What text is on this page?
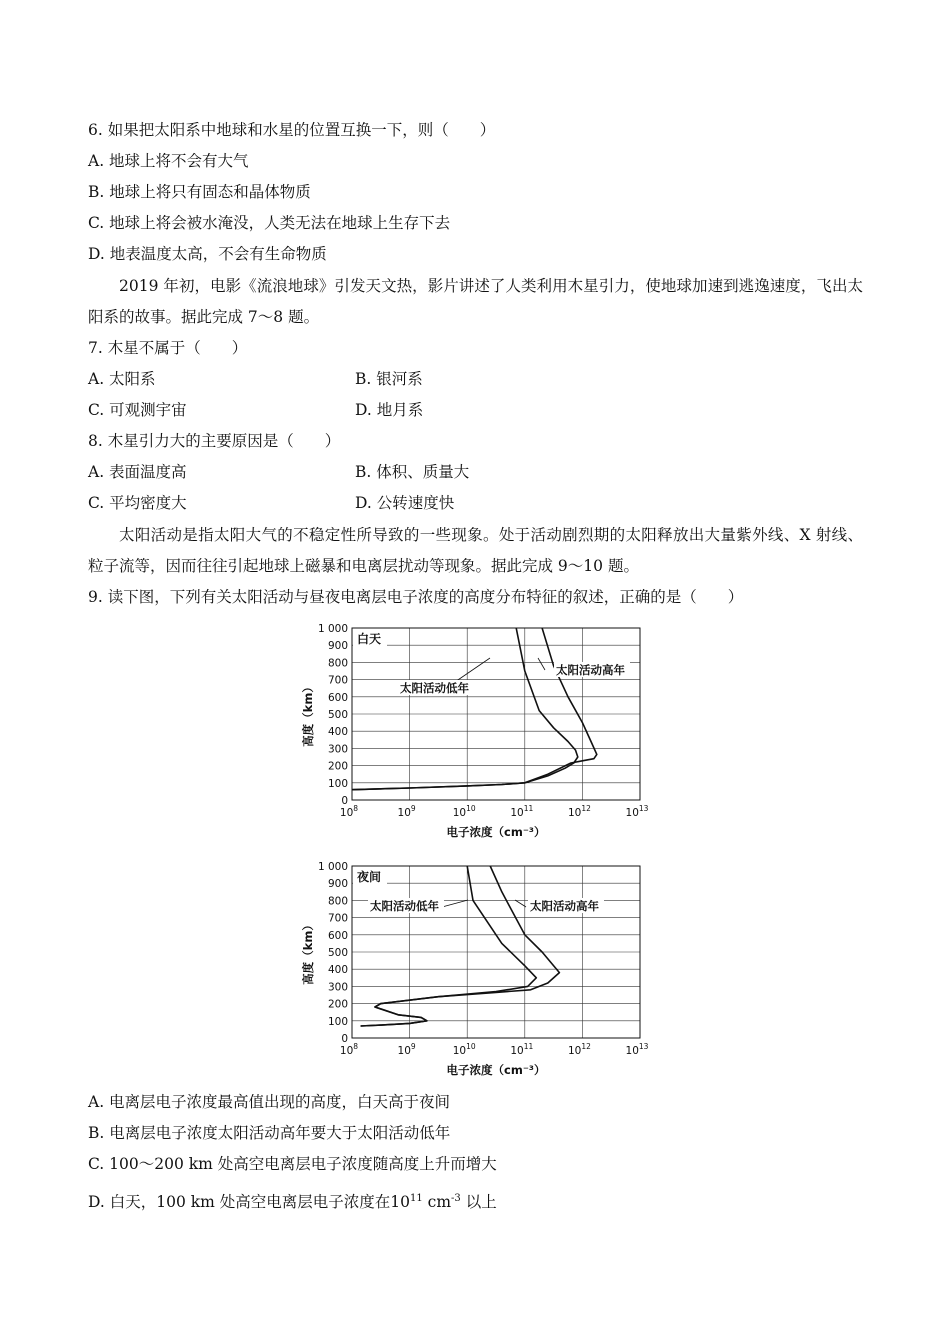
6. 如果把太阳系中地球和水星的位置互换一下，则（　　）
A. 地球上将不会有大气
B. 地球上将只有固态和晶体物质
C. 地球上将会被水淹没，人类无法在地球上生存下去
D. 地表温度太高，不会有生命物质
2019 年初，电影《流浪地球》引发天文热，影片讲述了人类利用木星引力，使地球加速到逃逸速度，飞出太阳系的故事。据此完成 7～8 题。
7. 木星不属于（　　）
A. 太阳系	B. 银河系
C. 可观测宇宙	D. 地月系
8. 木星引力大的主要原因是（　　）
A. 表面温度高	B. 体积、质量大
C. 平均密度大	D. 公转速度快
太阳活动是指太阳大气的不稳定性所导致的一些现象。处于活动剧烈期的太阳释放出大量紫外线、X 射线、粒子流等，因而往往引起地球上磁暴和电离层扰动等现象。据此完成 9～10 题。
9. 读下图，下列有关太阳活动与昼夜电离层电子浓度的高度分布特征的叙述，正确的是（　　）
0
100
200
300
400
500
600
700
800
900
1 000
$10^8$	$10^9$	$10^{10}$	$10^{11}$	$10^{12}$	$10^{13}$
高度（km）
电子浓度（cm⁻³）
白天
太阳活动低年
太阳活动高年
0
100
200
300
400
500
600
700
800
900
1 000
$10^8$	$10^9$	$10^{10}$	$10^{11}$	$10^{12}$	$10^{13}$
高度（km）
电子浓度（cm⁻³）
夜间
太阳活动低年	太阳活动高年
A. 电离层电子浓度最高值出现的高度，白天高于夜间
B. 电离层电子浓度太阳活动高年要大于太阳活动低年
C. 100～200 km 处高空电离层电子浓度随高度上升而增大
D. 白天，100 km 处高空电离层电子浓度在$10^{11}$ $cm^{-3}$ 以上
